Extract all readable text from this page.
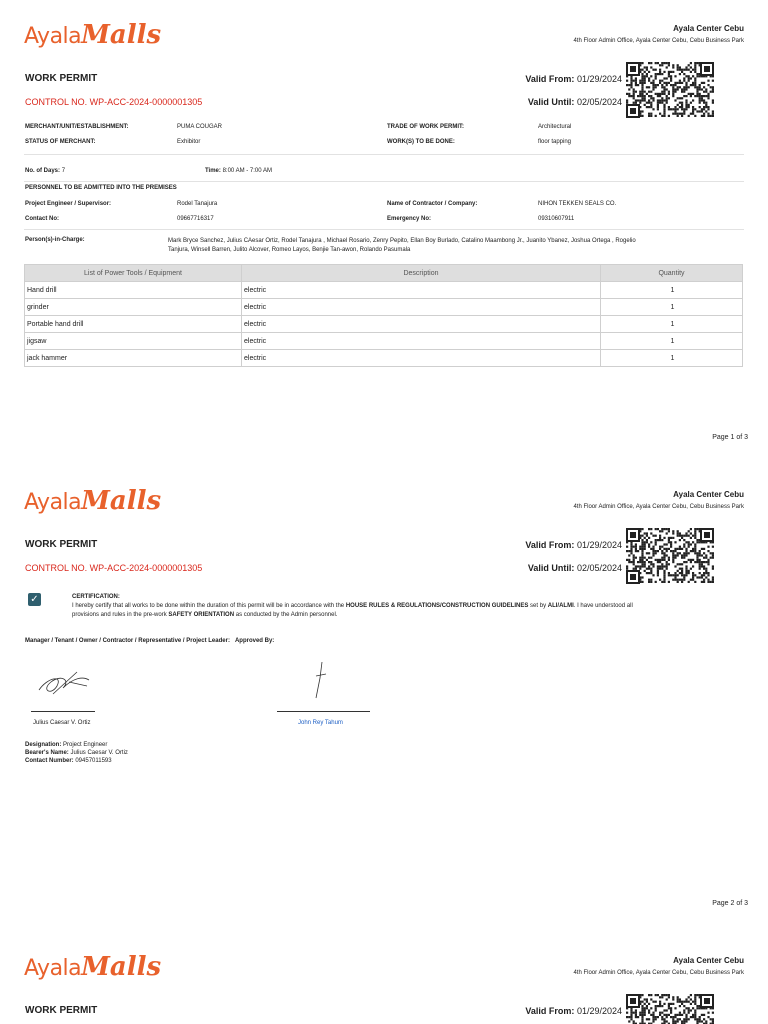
AyalaMalls	Ayala Center Cebu
4th Floor Admin Office, Ayala Center Cebu, Cebu Business Park
WORK PERMIT
CONTROL NO. WP-ACC-2024-0000001305
Valid From: 01/29/2024
Valid Until: 02/05/2024
MERCHANT/UNIT/ESTABLISHMENT:	PUMA COUGAR	TRADE OF WORK PERMIT:	Architectural
STATUS OF MERCHANT:	Exhibitor	WORK(S) TO BE DONE:	floor tapping
No. of Days: 7	Time: 8:00 AM - 7:00 AM
PERSONNEL TO BE ADMITTED INTO THE PREMISES
Project Engineer / Supervisor:	Rodel Tanajura	Name of Contractor / Company:	NIHON TEKKEN SEALS CO.
Contact No:	09667716317	Emergency No:	09310607911
Person(s)-in-Charge:	Mark Bryce Sanchez, Julius CAesar Ortiz, Rodel Tanajura , Michael Rosario, Zenry Pepito, Ellan Boy Burlado, Catalino Maambong Jr., Juanito Ybanez, Joshua Ortega , Rogelio
Tanjura, Winsell Barren, Julito Alcover, Romeo Layos, Benjie Tan-awon, Rolando Pasumala
List of Power Tools / Equipment	Description	Quantity
Hand drill	electric	1
grinder	electric	1
Portable hand drill	electric	1
jigsaw	electric	1
jack hammer	electric	1
Page 1 of 3
AyalaMalls	Ayala Center Cebu
4th Floor Admin Office, Ayala Center Cebu, Cebu Business Park
WORK PERMIT
CONTROL NO. WP-ACC-2024-0000001305
Valid From: 01/29/2024
Valid Until: 02/05/2024
✓	CERTIFICATION:
I hereby certify that all works to be done within the duration of this permit will be in accordance with the HOUSE RULES & REGULATIONS/CONSTRUCTION GUIDELINES set by ALI/ALMI. I have understood all
provisions and rules in the pre-work SAFETY ORIENTATION as conducted by the Admin personnel.
Manager / Tenant / Owner / Contractor / Representative / Project Leader: Approved By:
Julius Caesar V. Ortiz	John Rey Tahum
Designation: Project Engineer
Bearer's Name: Julius Caesar V. Ortiz
Contact Number: 09457011593
Page 2 of 3
AyalaMalls	Ayala Center Cebu
4th Floor Admin Office, Ayala Center Cebu, Cebu Business Park
WORK PERMIT	Valid From: 01/29/2024
